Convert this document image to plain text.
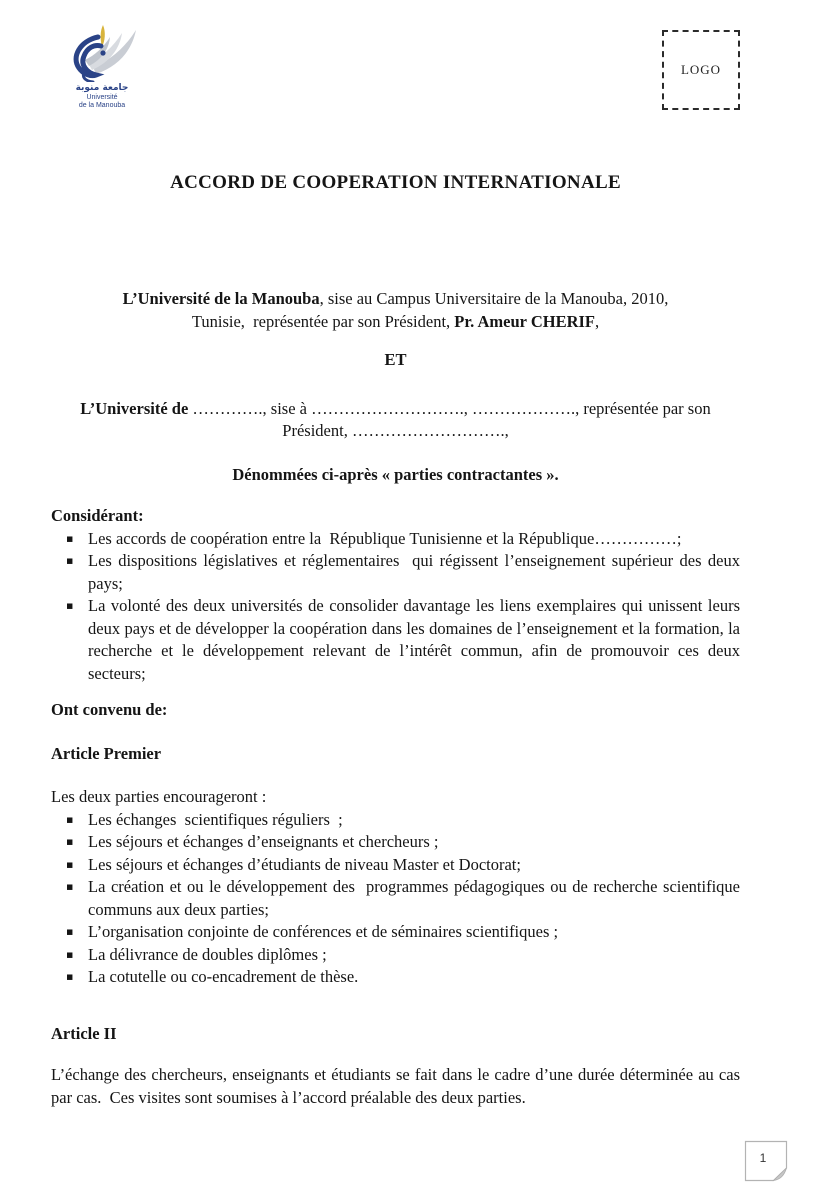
جامعة منوبة
Université
de la Manouba
LOGO
ACCORD DE COOPERATION INTERNATIONALE

L’Université de la Manouba, sise au Campus Universitaire de la Manouba, 2010,
Tunisie,  représentée par son Président, Pr. Ameur CHERIF,

ET

L’Université de …………., sise à ………………………., ………………., représentée par son
Président, ……………………….,

Dénommées ci-après « parties contractantes ».

Considérant:

▪ Les accords de coopération entre la  République Tunisienne et la République……………;
▪ Les dispositions législatives et réglementaires  qui régissent l’enseignement supérieur des deux pays;
▪ La volonté des deux universités de consolider davantage les liens exemplaires qui unissent leurs deux pays et de développer la coopération dans les domaines de l’enseignement et la formation, la recherche et le développement relevant de l’intérêt commun, afin de promouvoir ces deux secteurs;

Ont convenu de:

Article Premier

Les deux parties encourageront :

▪ Les échanges  scientifiques réguliers  ;
▪ Les séjours et échanges d’enseignants et chercheurs ;
▪ Les séjours et échanges d’étudiants de niveau Master et Doctorat;
▪ La création et ou le développement des  programmes pédagogiques ou de recherche scientifique communs aux deux parties;
▪ L’organisation conjointe de conférences et de séminaires scientifiques ;
▪ La délivrance de doubles diplômes ;
▪ La cotutelle ou co-encadrement de thèse.

Article II

L’échange des chercheurs, enseignants et étudiants se fait dans le cadre d’une durée déterminée au cas par cas.  Ces visites sont soumises à l’accord préalable des deux parties.

1
